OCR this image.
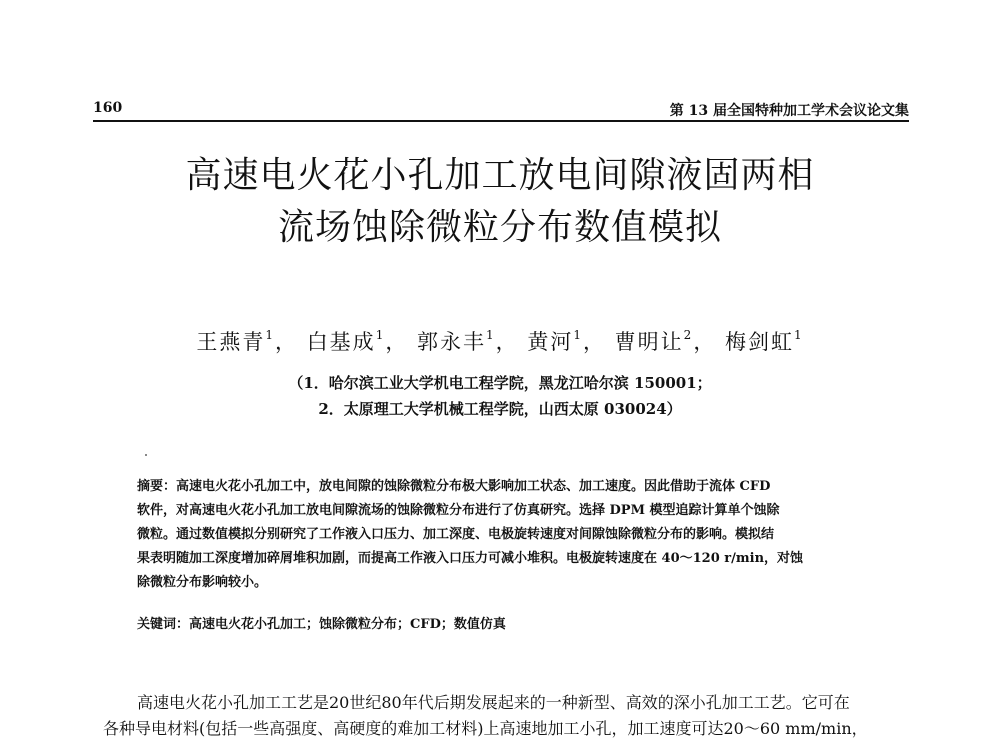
160	第 13 届全国特种加工学术会议论文集
高速电火花小孔加工放电间隙液固两相
流场蚀除微粒分布数值模拟
王燕青$^1$， 白基成$^1$， 郭永丰$^1$， 黄河$^1$， 曹明让$^2$， 梅剑虹$^1$
（1．哈尔滨工业大学机电工程学院，黑龙江哈尔滨 150001；
2．太原理工大学机械工程学院，山西太原 030024）
摘要：高速电火花小孔加工中，放电间隙的蚀除微粒分布极大影响加工状态、加工速度。因此借助于流体 CFD
软件，对高速电火花小孔加工放电间隙流场的蚀除微粒分布进行了仿真研究。选择 DPM 模型追踪计算单个蚀除
微粒。通过数值模拟分别研究了工作液入口压力、加工深度、电极旋转速度对间隙蚀除微粒分布的影响。模拟结
果表明随加工深度增加碎屑堆积加剧，而提高工作液入口压力可减小堆积。电极旋转速度在 40～120 r/min，对蚀
除微粒分布影响较小。
关键词：高速电火花小孔加工；蚀除微粒分布；CFD；数值仿真
高速电火花小孔加工工艺是20世纪80年代后期发展起来的一种新型、高效的深小孔加工工艺。它可在
各种导电材料(包括一些高强度、高硬度的难加工材料)上高速地加工小孔，加工速度可达20～60 mm/min，
